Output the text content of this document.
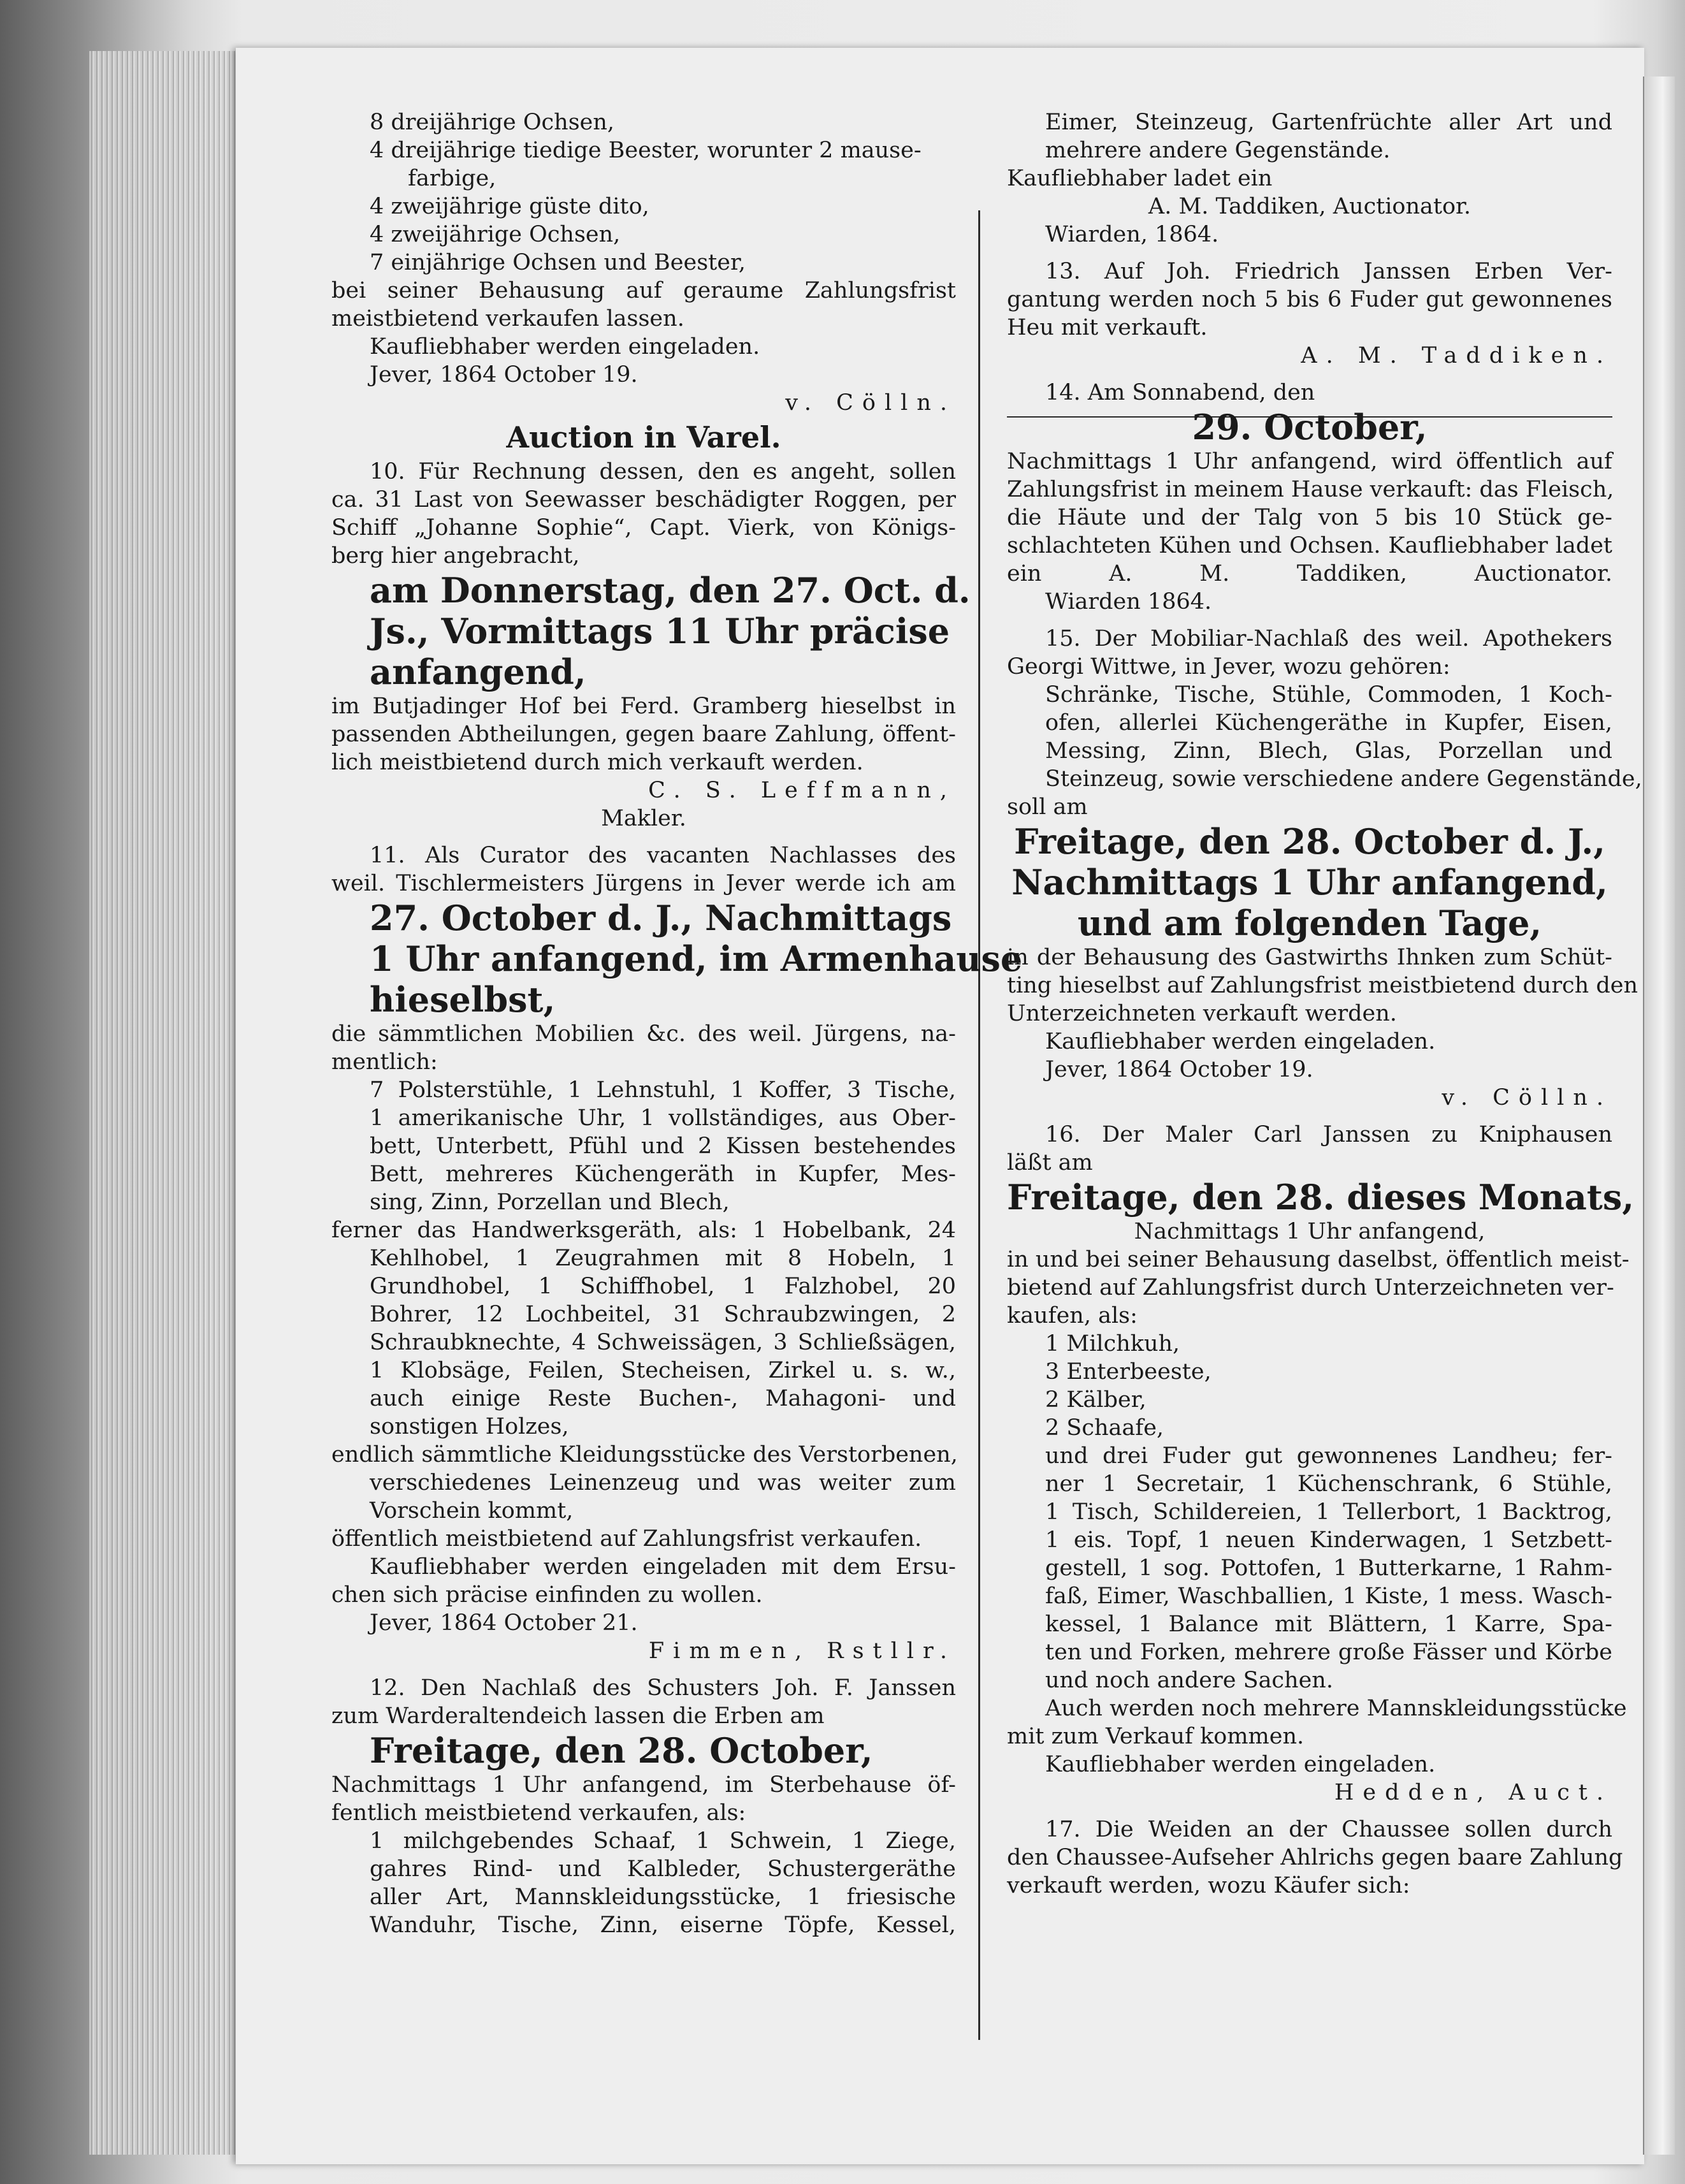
8 dreijährige Ochsen,
4 dreijährige tiedige Beester, worunter 2 mause-
farbige,
4 zweijährige güste dito,
4 zweijährige Ochsen,
7 einjährige Ochsen und Beester,
bei seiner Behausung auf geraume Zahlungsfrist
meistbietend verkaufen lassen.
Kaufliebhaber werden eingeladen.
Jever, 1864 October 19.
v. Cölln.
Auction in Varel.
10. Für Rechnung dessen, den es angeht, sollen
ca. 31 Last von Seewasser beschädigter Roggen, per
Schiff „Johanne Sophie“, Capt. Vierk, von Königs-
berg hier angebracht,
am Donnerstag, den 27. Oct. d.
Js., Vormittags 11 Uhr präcise
anfangend,
im Butjadinger Hof bei Ferd. Gramberg hieselbst in
passenden Abtheilungen, gegen baare Zahlung, öffent-
lich meistbietend durch mich verkauft werden.
C. S. Leffmann,
Makler.
11. Als Curator des vacanten Nachlasses des
weil. Tischlermeisters Jürgens in Jever werde ich am
27. October d. J., Nachmittags
1 Uhr anfangend, im Armenhause
hieselbst,
die sämmtlichen Mobilien &c. des weil. Jürgens, na-
mentlich:
7 Polsterstühle, 1 Lehnstuhl, 1 Koffer, 3 Tische,
1 amerikanische Uhr, 1 vollständiges, aus Ober-
bett, Unterbett, Pfühl und 2 Kissen bestehendes
Bett, mehreres Küchengeräth in Kupfer, Mes-
sing, Zinn, Porzellan und Blech,
ferner das Handwerksgeräth, als: 1 Hobelbank, 24
Kehlhobel, 1 Zeugrahmen mit 8 Hobeln, 1
Grundhobel, 1 Schiffhobel, 1 Falzhobel, 20
Bohrer, 12 Lochbeitel, 31 Schraubzwingen, 2
Schraubknechte, 4 Schweissägen, 3 Schließsägen,
1 Klobsäge, Feilen, Stecheisen, Zirkel u. s. w.,
auch einige Reste Buchen-, Mahagoni- und
sonstigen Holzes,
endlich sämmtliche Kleidungsstücke des Verstorbenen,
verschiedenes Leinenzeug und was weiter zum
Vorschein kommt,
öffentlich meistbietend auf Zahlungsfrist verkaufen.
Kaufliebhaber werden eingeladen mit dem Ersu-
chen sich präcise einfinden zu wollen.
Jever, 1864 October 21.
Fimmen, Rstllr.
12. Den Nachlaß des Schusters Joh. F. Janssen
zum Warderaltendeich lassen die Erben am
Freitage, den 28. October,
Nachmittags 1 Uhr anfangend, im Sterbehause öf-
fentlich meistbietend verkaufen, als:
1 milchgebendes Schaaf, 1 Schwein, 1 Ziege,
gahres Rind- und Kalbleder, Schustergeräthe
aller Art, Mannskleidungsstücke, 1 friesische
Wanduhr, Tische, Zinn, eiserne Töpfe, Kessel,
Eimer, Steinzeug, Gartenfrüchte aller Art und
mehrere andere Gegenstände.
Kaufliebhaber ladet ein
A. M. Taddiken, Auctionator.
Wiarden, 1864.
13. Auf Joh. Friedrich Janssen Erben Ver-
gantung werden noch 5 bis 6 Fuder gut gewonnenes
Heu mit verkauft.
A. M. Taddiken.
14. Am Sonnabend, den
29. October,
Nachmittags 1 Uhr anfangend, wird öffentlich auf
Zahlungsfrist in meinem Hause verkauft: das Fleisch,
die Häute und der Talg von 5 bis 10 Stück ge-
schlachteten Kühen und Ochsen. Kaufliebhaber ladet
ein A. M. Taddiken, Auctionator.
Wiarden 1864.
15. Der Mobiliar-Nachlaß des weil. Apothekers
Georgi Wittwe, in Jever, wozu gehören:
Schränke, Tische, Stühle, Commoden, 1 Koch-
ofen, allerlei Küchengeräthe in Kupfer, Eisen,
Messing, Zinn, Blech, Glas, Porzellan und
Steinzeug, sowie verschiedene andere Gegenstände,
soll am
Freitage, den 28. October d. J.,
Nachmittags 1 Uhr anfangend,
und am folgenden Tage,
in der Behausung des Gastwirths Ihnken zum Schüt-
ting hieselbst auf Zahlungsfrist meistbietend durch den
Unterzeichneten verkauft werden.
Kaufliebhaber werden eingeladen.
Jever, 1864 October 19.
v. Cölln.
16. Der Maler Carl Janssen zu Kniphausen
läßt am
Freitage, den 28. dieses Monats,
Nachmittags 1 Uhr anfangend,
in und bei seiner Behausung daselbst, öffentlich meist-
bietend auf Zahlungsfrist durch Unterzeichneten ver-
kaufen, als:
1 Milchkuh,
3 Enterbeeste,
2 Kälber,
2 Schaafe,
und drei Fuder gut gewonnenes Landheu; fer-
ner 1 Secretair, 1 Küchenschrank, 6 Stühle,
1 Tisch, Schildereien, 1 Tellerbort, 1 Backtrog,
1 eis. Topf, 1 neuen Kinderwagen, 1 Setzbett-
gestell, 1 sog. Pottofen, 1 Butterkarne, 1 Rahm-
faß, Eimer, Waschballien, 1 Kiste, 1 mess. Wasch-
kessel, 1 Balance mit Blättern, 1 Karre, Spa-
ten und Forken, mehrere große Fässer und Körbe
und noch andere Sachen.
Auch werden noch mehrere Mannskleidungsstücke
mit zum Verkauf kommen.
Kaufliebhaber werden eingeladen.
Hedden, Auct.
17. Die Weiden an der Chaussee sollen durch
den Chaussee-Aufseher Ahlrichs gegen baare Zahlung
verkauft werden, wozu Käufer sich:
